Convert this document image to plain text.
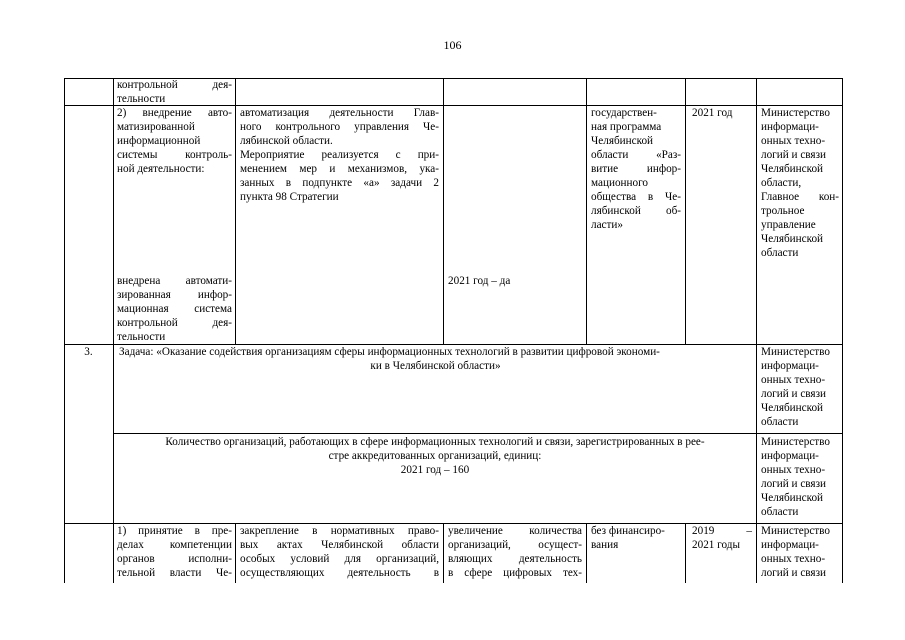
106
контрольной дея-
тельности
2) внедрение авто-
матизированной
информационной
системы контроль-
ной деятельности:
внедрена автомати-
зированная инфор-
мационная система
контрольной дея-
тельности
автоматизация деятельности Глав-
ного контрольного управления Че-
лябинской области.
Мероприятие реализуется с при-
менением мер и механизмов, ука-
занных в подпункте «а» задачи 2
пункта 98 Стратегии
2021 год – да
государствен-
ная программа
Челябинской
области «Раз-
витие инфор-
мационного
общества в Че-
лябинской об-
ласти»
2021 год	Министерство
информаци-
онных техно-
логий и связи
Челябинской
области,
Главное кон-
трольное
управление
Челябинской
области
3.	Задача: «Оказание содействия организациям сферы информационных технологий в развитии цифровой экономи-
ки в Челябинской области»
Министерство
информаци-
онных техно-
логий и связи
Челябинской
области
Количество организаций, работающих в сфере информационных технологий и связи, зарегистрированных в рее-
стре аккредитованных организаций, единиц:
2021 год – 160
Министерство
информаци-
онных техно-
логий и связи
Челябинской
области
1) принятие в пре-
делах компетенции
органов исполни-
тельной власти Че-
закрепление в нормативных право-
вых актах Челябинской области
особых условий для организаций,
осуществляющих деятельность в
увеличение количества
организаций, осущест-
вляющих деятельность
в сфере цифровых тех-
без финансиро-
вания
2019 –
2021 годы
Министерство
информаци-
онных техно-
логий и связи
